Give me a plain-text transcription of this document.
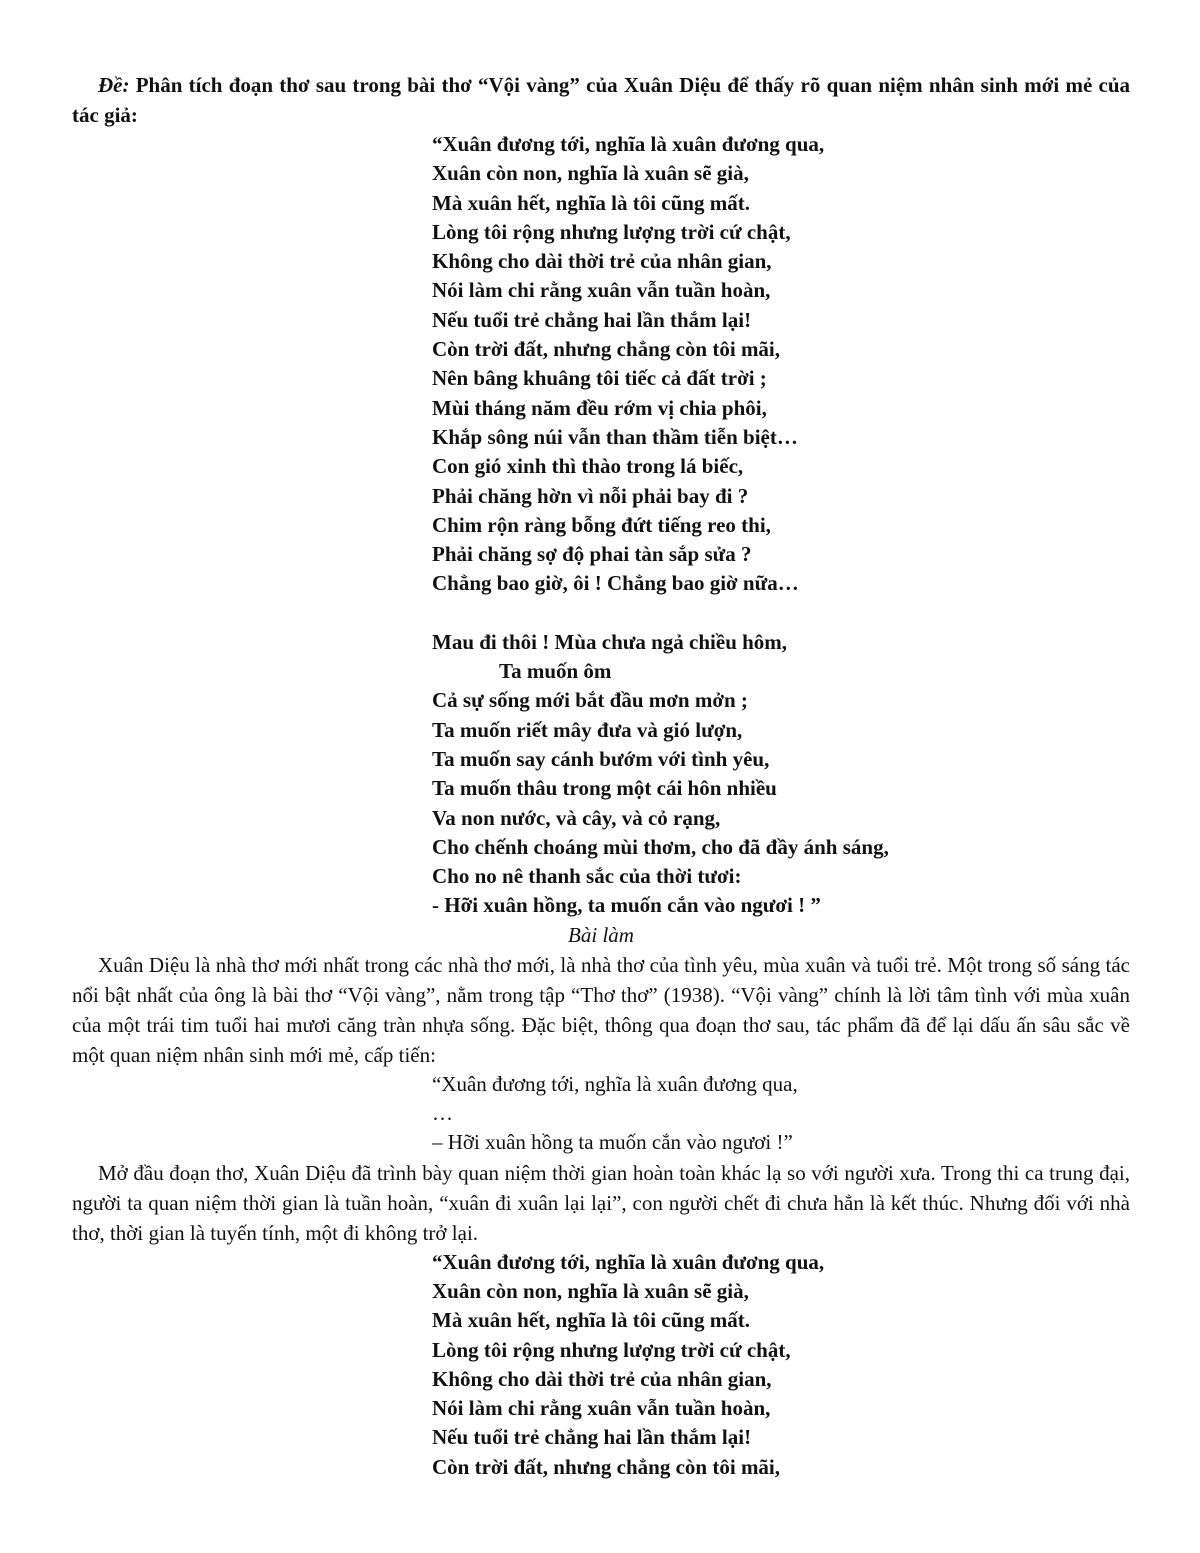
Đề: Phân tích đoạn thơ sau trong bài thơ “Vội vàng” của Xuân Diệu để thấy rõ quan niệm nhân sinh mới mẻ của tác giả:

“Xuân đương tới, nghĩa là xuân đương qua,
Xuân còn non, nghĩa là xuân sẽ già,
Mà xuân hết, nghĩa là tôi cũng mất.
Lòng tôi rộng nhưng lượng trời cứ chật,
Không cho dài thời trẻ của nhân gian,
Nói làm chi rằng xuân vẫn tuần hoàn,
Nếu tuổi trẻ chẳng hai lần thắm lại!
Còn trời đất, nhưng chẳng còn tôi mãi,
Nên bâng khuâng tôi tiếc cả đất trời ;
Mùi tháng năm đều rớm vị chia phôi,
Khắp sông núi vẫn than thầm tiễn biệt…
Con gió xinh thì thào trong lá biếc,
Phải chăng hờn vì nỗi phải bay đi ?
Chim rộn ràng bỗng đứt tiếng reo thi,
Phải chăng sợ độ phai tàn sắp sửa ?
Chẳng bao giờ, ôi ! Chẳng bao giờ nữa…
Mau đi thôi ! Mùa chưa ngả chiều hôm,
Ta muốn ôm
Cả sự sống mới bắt đầu mơn mởn ;
Ta muốn riết mây đưa và gió lượn,
Ta muốn say cánh bướm với tình yêu,
Ta muốn thâu trong một cái hôn nhiều
Va non nước, và cây, và cỏ rạng,
Cho chếnh choáng mùi thơm, cho đã đầy ánh sáng,
Cho no nê thanh sắc của thời tươi:
- Hỡi xuân hồng, ta muốn cắn vào ngươi ! ”

Bài làm

Xuân Diệu là nhà thơ mới nhất trong các nhà thơ mới, là nhà thơ của tình yêu, mùa xuân và tuổi trẻ. Một trong số sáng tác nổi bật nhất của ông là bài thơ “Vội vàng”, nằm trong tập “Thơ thơ” (1938). “Vội vàng” chính là lời tâm tình với mùa xuân của một trái tim tuổi hai mươi căng tràn nhựa sống. Đặc biệt, thông qua đoạn thơ sau, tác phẩm đã để lại dấu ấn sâu sắc về một quan niệm nhân sinh mới mẻ, cấp tiến:

“Xuân đương tới, nghĩa là xuân đương qua,
…
– Hỡi xuân hồng ta muốn cắn vào ngươi !”

Mở đầu đoạn thơ, Xuân Diệu đã trình bày quan niệm thời gian hoàn toàn khác lạ so với người xưa. Trong thi ca trung đại, người ta quan niệm thời gian là tuần hoàn, “xuân đi xuân lại lại”, con người chết đi chưa hẳn là kết thúc. Nhưng đối với nhà thơ, thời gian là tuyến tính, một đi không trở lại.

“Xuân đương tới, nghĩa là xuân đương qua,
Xuân còn non, nghĩa là xuân sẽ già,
Mà xuân hết, nghĩa là tôi cũng mất.
Lòng tôi rộng nhưng lượng trời cứ chật,
Không cho dài thời trẻ của nhân gian,
Nói làm chi rằng xuân vẫn tuần hoàn,
Nếu tuổi trẻ chẳng hai lần thắm lại!
Còn trời đất, nhưng chẳng còn tôi mãi,
